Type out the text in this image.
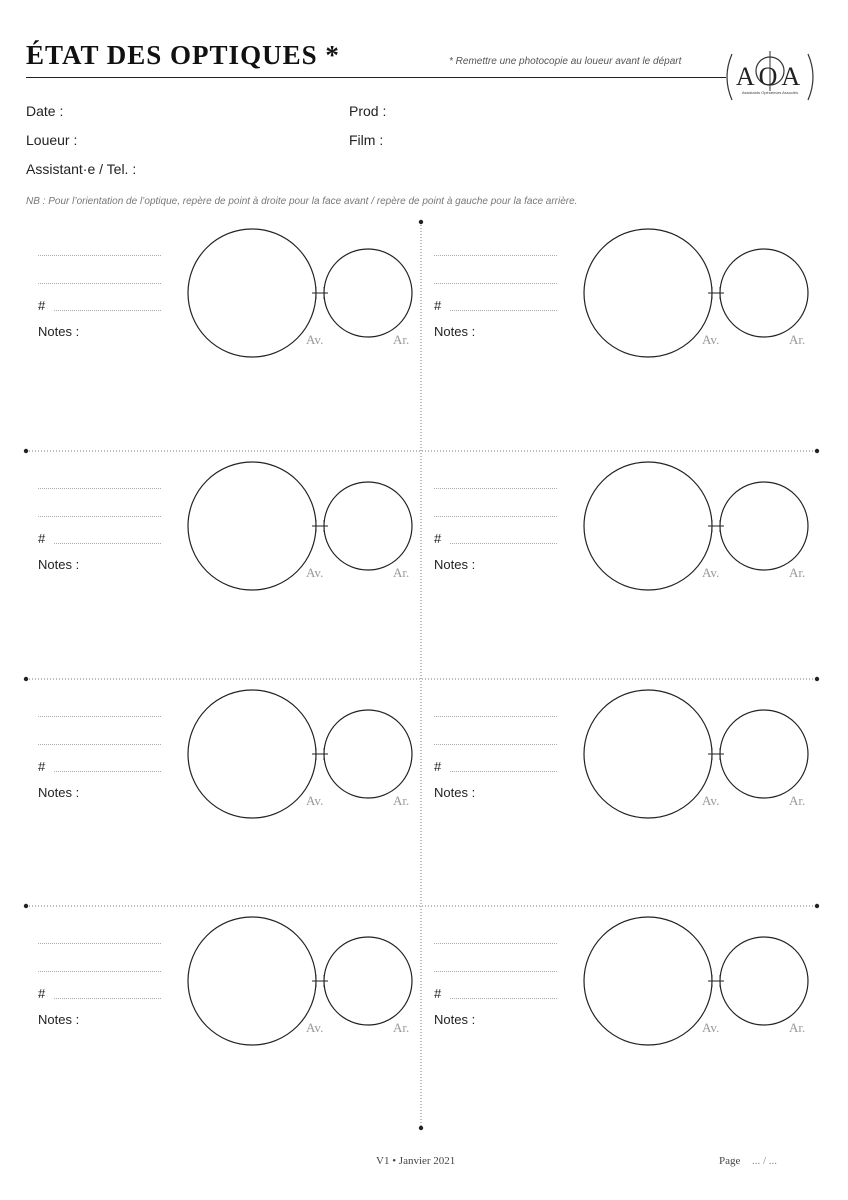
ÉTAT DES OPTIQUES *	* Remettre une photocopie au loueur avant le départ
AOA
Assistants Opérateurs Associés
Date :	Prod :
Loueur :	Film :
Assistant·e / Tel. :
NB : Pour l’orientation de l’optique, repère de point à droite pour la face avant / repère de point à gauche pour la face arrière.
#
Notes :
Av.	Ar.
#
Notes :
Av.	Ar.
#
Notes :
Av.	Ar.
#
Notes :
Av.	Ar.
#
Notes :
Av.	Ar.
#
Notes :
Av.	Ar.
#
Notes :
Av.	Ar.
#
Notes :
Av.	Ar.
V1 • Janvier 2021	Page ... / ...
